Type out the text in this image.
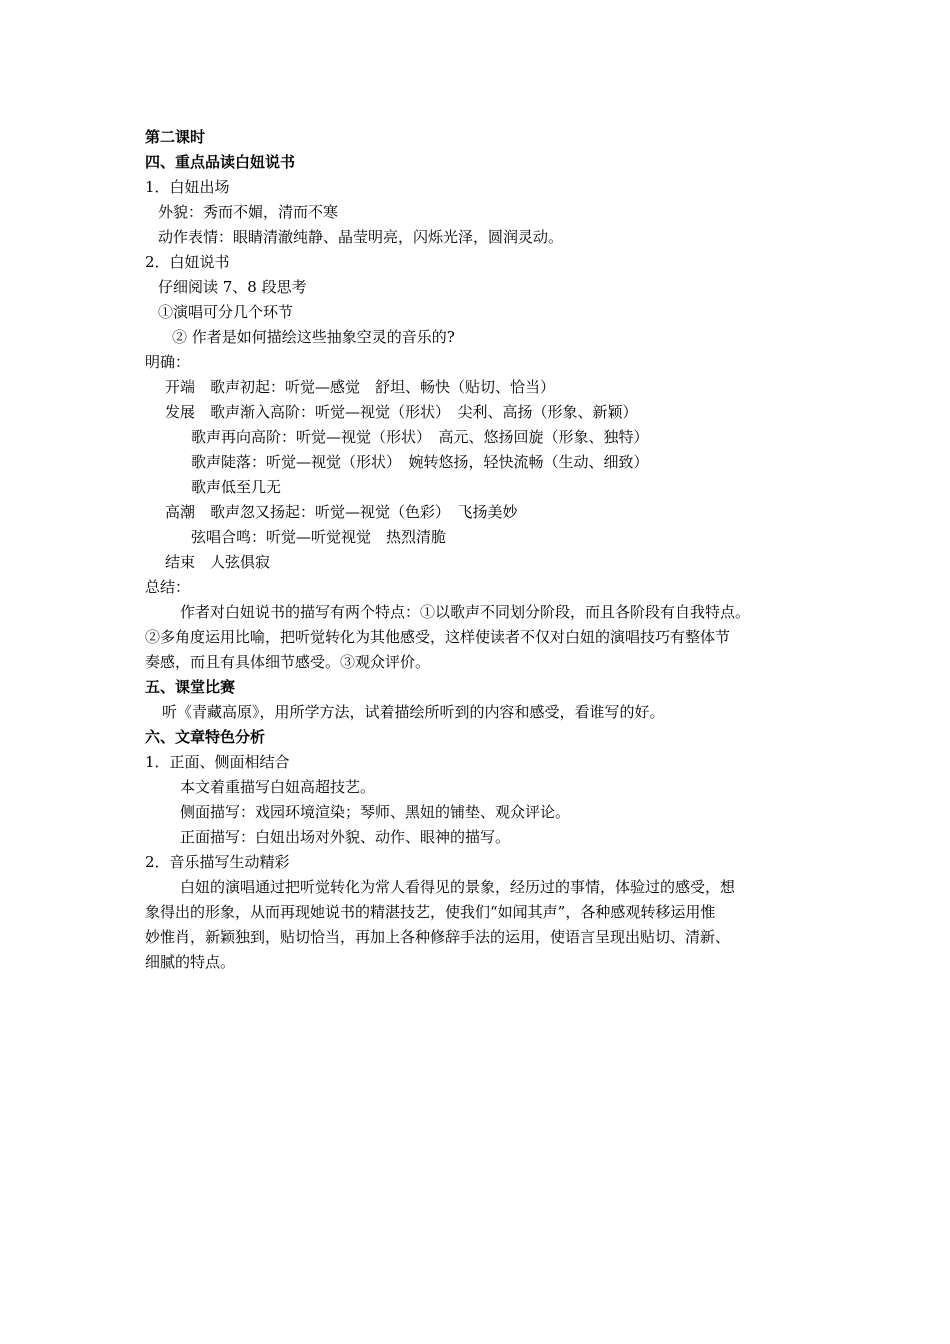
第二课时
四、重点品读白妞说书
1．白妞出场
外貌：秀而不媚，清而不寒
动作表情：眼睛清澈纯静、晶莹明亮，闪烁光泽，圆润灵动。
2．白妞说书
仔细阅读 7、8 段思考
①演唱可分几个环节
② 作者是如何描绘这些抽象空灵的音乐的?
明确：
开端　歌声初起：听觉—感觉　舒坦、畅快（贴切、恰当）
发展　歌声渐入高阶：听觉—视觉（形状）　尖利、高扬（形象、新颖）
歌声再向高阶：听觉—视觉（形状）　高元、悠扬回旋（形象、独特）
歌声陡落：听觉—视觉（形状）　婉转悠扬，轻快流畅（生动、细致）
歌声低至几无
高潮　歌声忽又扬起：听觉—视觉（色彩）　飞扬美妙
弦唱合鸣：听觉—听觉视觉　热烈清脆
结束　人弦俱寂
总结：
作者对白妞说书的描写有两个特点：①以歌声不同划分阶段，而且各阶段有自我特点。
②多角度运用比喻，把听觉转化为其他感受，这样使读者不仅对白妞的演唱技巧有整体节
奏感，而且有具体细节感受。③观众评价。
五、课堂比赛
听《青藏高原》，用所学方法，试着描绘所听到的内容和感受，看谁写的好。
六、文章特色分析
1．正面、侧面相结合
本文着重描写白妞高超技艺。
侧面描写：戏园环境渲染；琴师、黑妞的铺垫、观众评论。
正面描写：白妞出场对外貌、动作、眼神的描写。
2．音乐描写生动精彩
白妞的演唱通过把听觉转化为常人看得见的景象，经历过的事情，体验过的感受，想
象得出的形象，从而再现她说书的精湛技艺，使我们“如闻其声”，各种感观转移运用惟
妙惟肖，新颖独到，贴切恰当，再加上各种修辞手法的运用，使语言呈现出贴切、清新、
细腻的特点。
